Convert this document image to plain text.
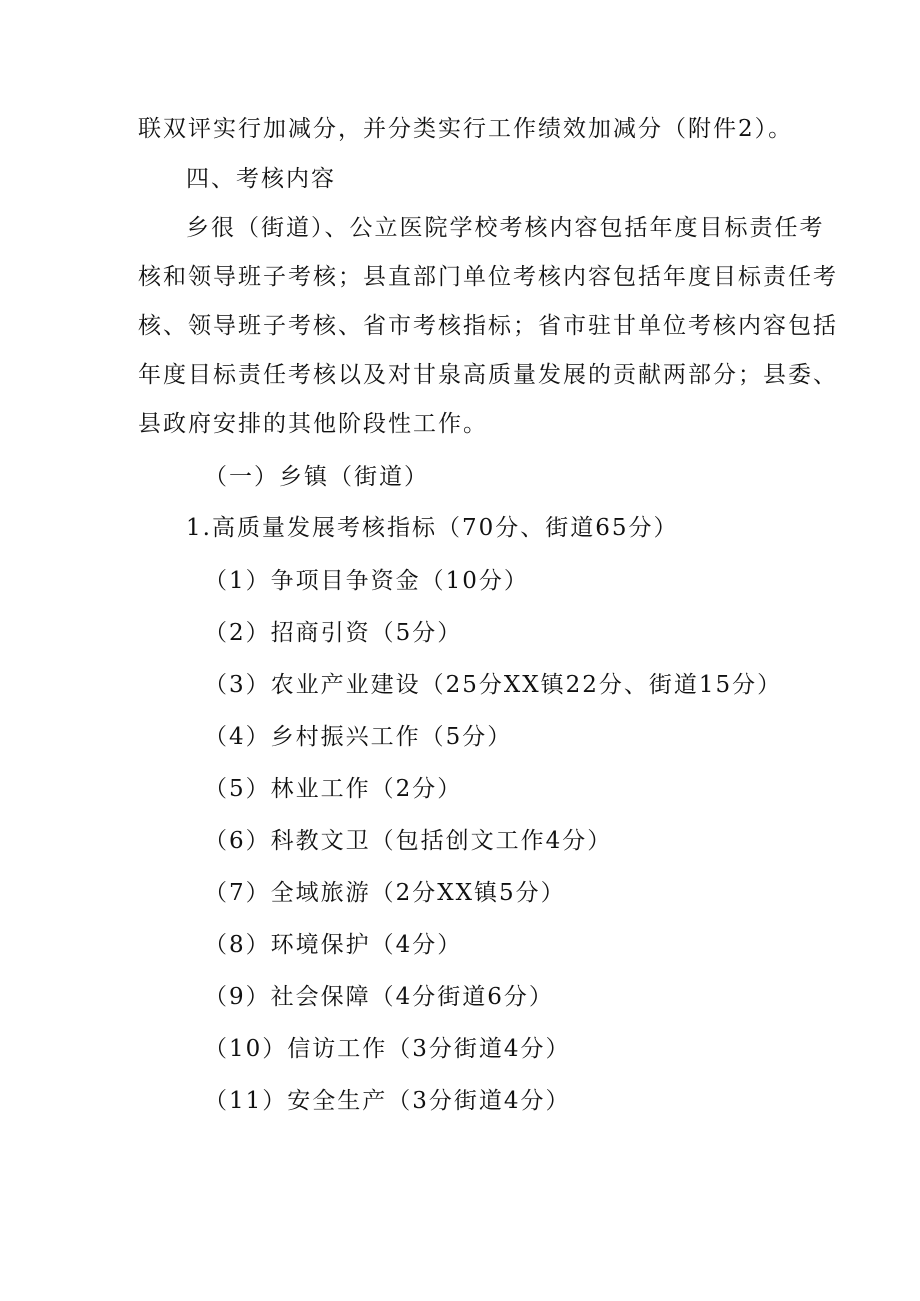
联双评实行加减分，并分类实行工作绩效加减分（附件2）。
四、考核内容
乡很（街道）、公立医院学校考核内容包括年度目标责任考
核和领导班子考核；县直部门单位考核内容包括年度目标责任考
核、领导班子考核、省市考核指标；省市驻甘单位考核内容包括
年度目标责任考核以及对甘泉高质量发展的贡献两部分；县委、
县政府安排的其他阶段性工作。
（一）乡镇（街道）
1.高质量发展考核指标（70分、街道65分）
（1）争项目争资金（10分）
（2）招商引资（5分）
（3）农业产业建设（25分XX镇22分、街道15分）
（4）乡村振兴工作（5分）
（5）林业工作（2分）
（6）科教文卫（包括创文工作4分）
（7）全域旅游（2分XX镇5分）
（8）环境保护（4分）
（9）社会保障（4分街道6分）
（10）信访工作（3分街道4分）
（11）安全生产（3分街道4分）
